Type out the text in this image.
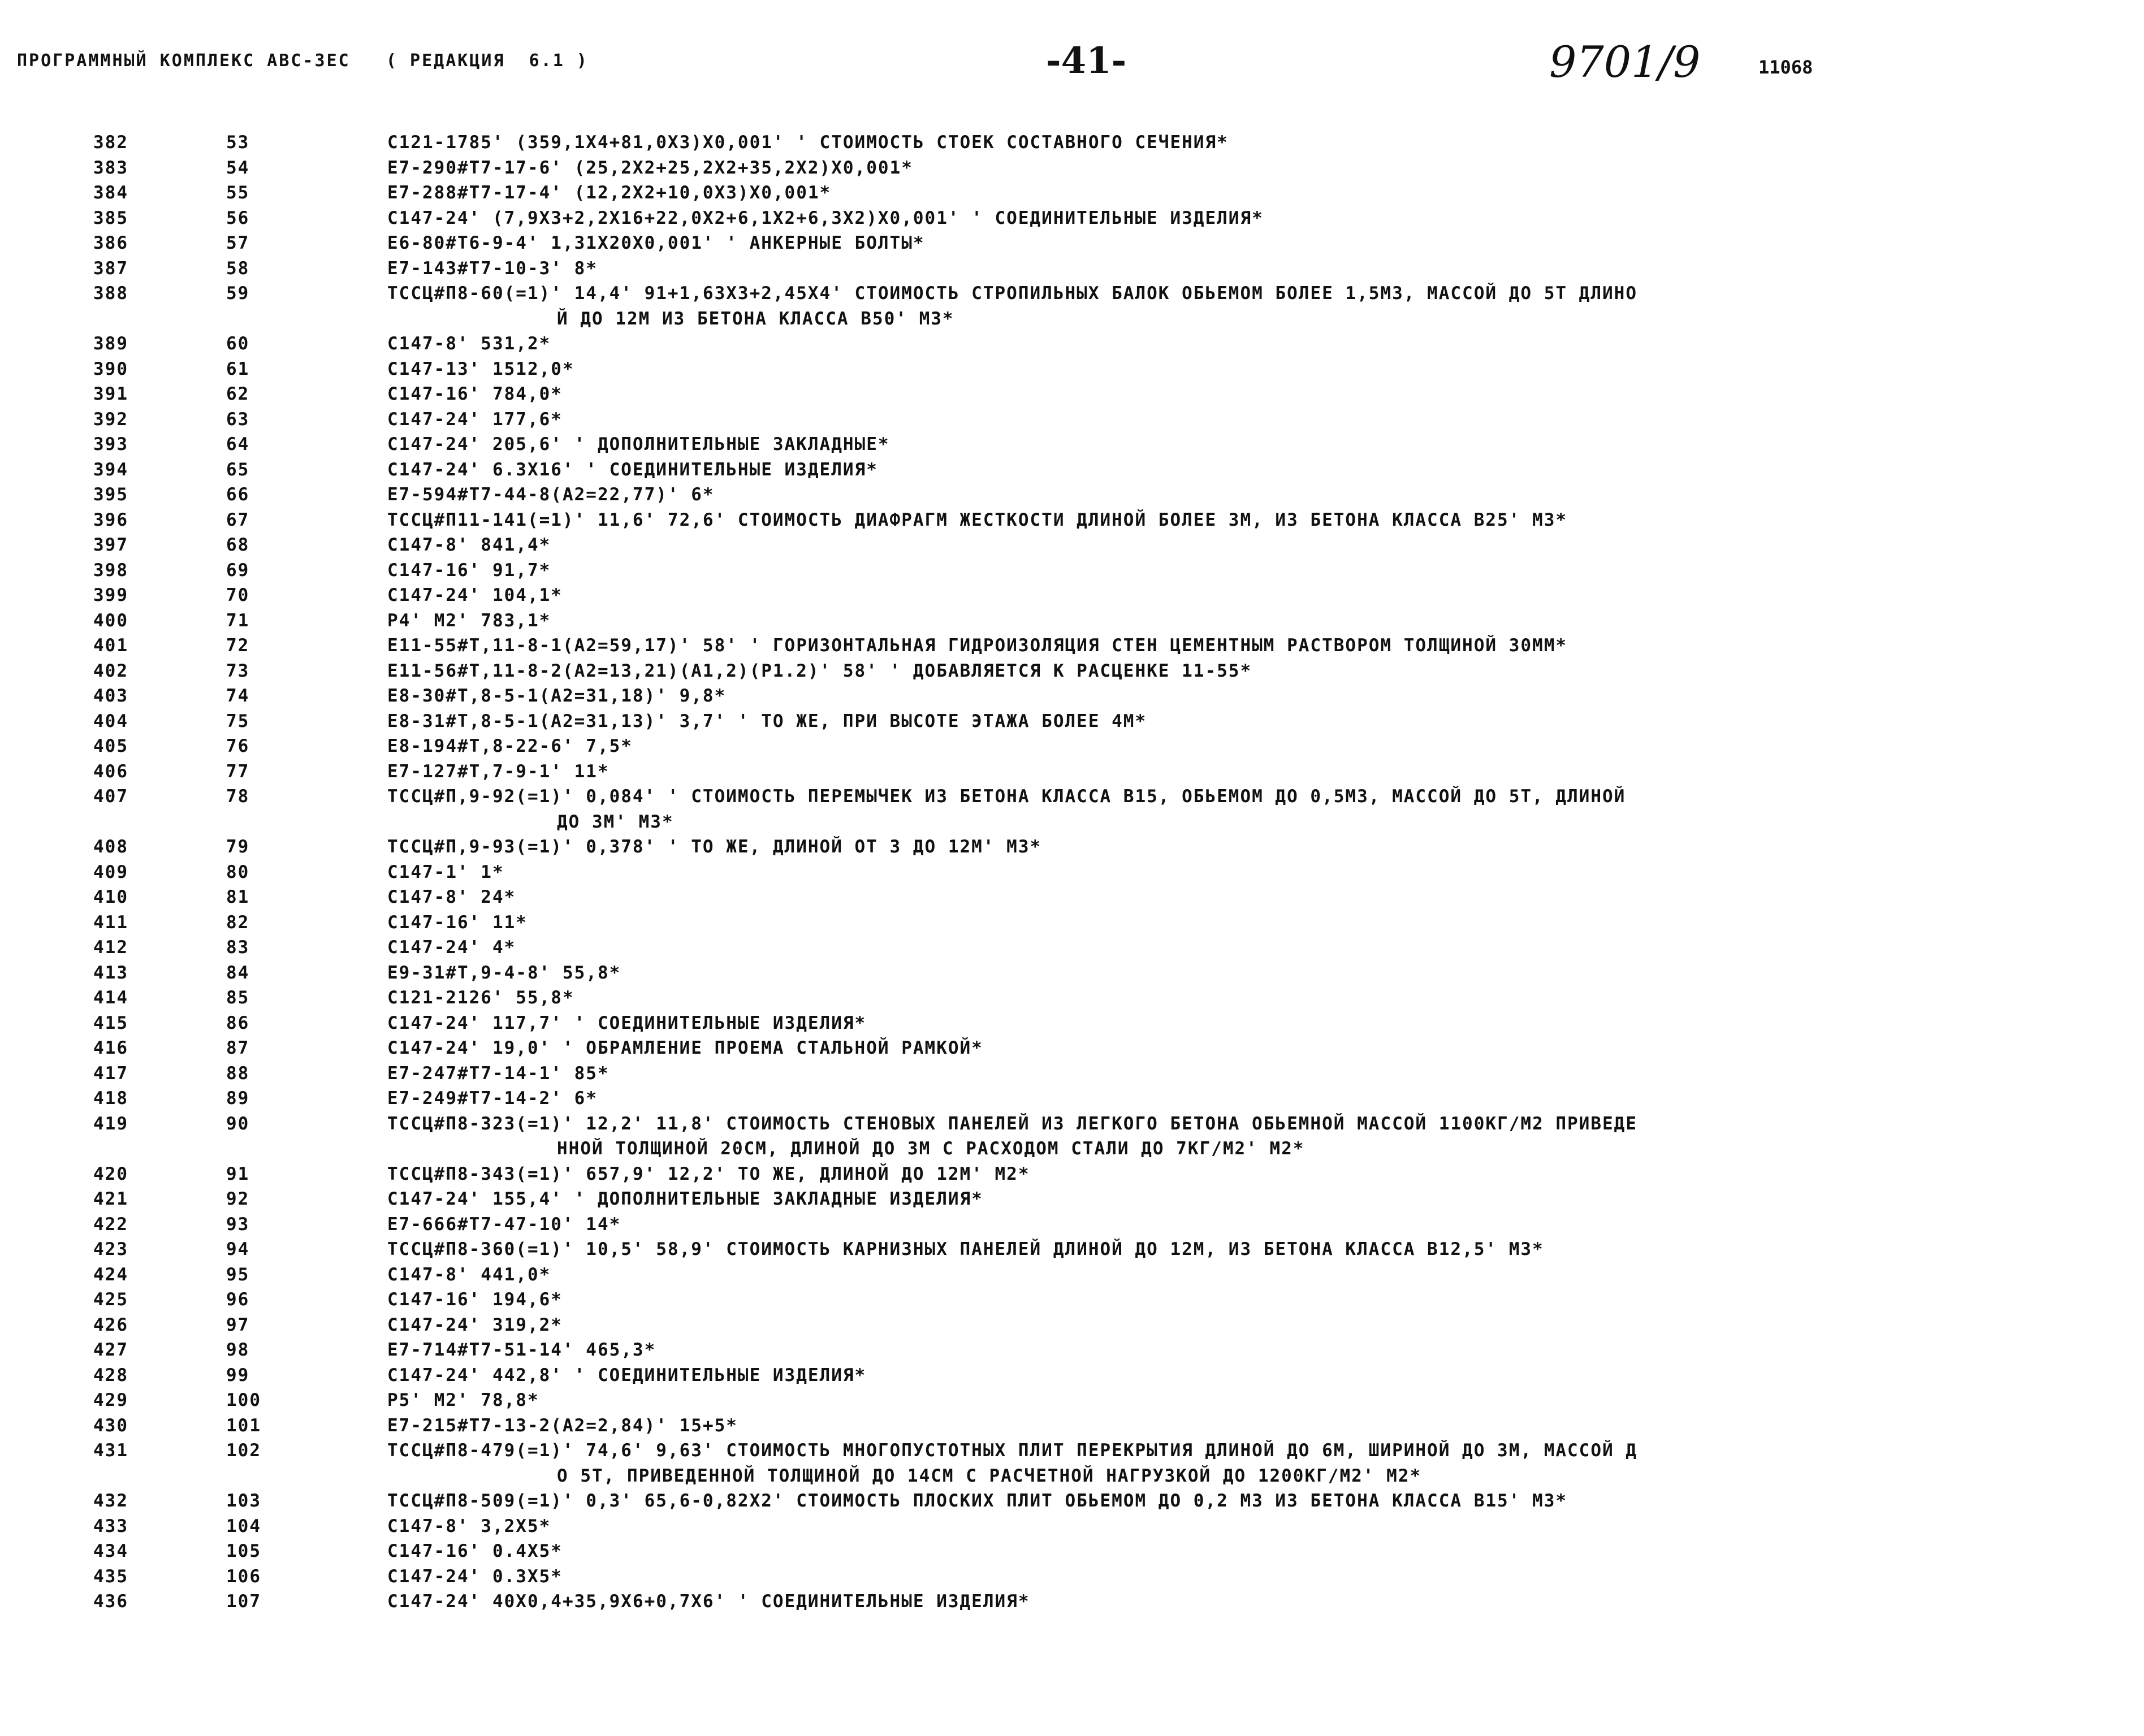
ПРОГРАММНЫЙ КОМПЛЕКС АВС-ЗЕС   ( РЕДАКЦИЯ  6.1 )	-41-	9701/9	11068
382	53	C121-1785' (359,1X4+81,0X3)X0,001' ' СТОИМОСТЬ СТОЕК СОСТАВНОГО СЕЧЕНИЯ*
383	54	E7-290#T7-17-6' (25,2X2+25,2X2+35,2X2)X0,001*
384	55	E7-288#T7-17-4' (12,2X2+10,0X3)X0,001*
385	56	C147-24' (7,9X3+2,2X16+22,0X2+6,1X2+6,3X2)X0,001' ' СОЕДИНИТЕЛЬНЫЕ ИЗДЕЛИЯ*
386	57	E6-80#T6-9-4' 1,31X20X0,001' ' АНКЕРНЫЕ БОЛТЫ*
387	58	E7-143#T7-10-3' 8*
388	59	TCCЦ#П8-60(=1)' 14,4' 91+1,63X3+2,45X4' СТОИМОСТЬ СТРОПИЛЬНЫХ БАЛОК ОБЬЕМОМ БОЛЕЕ 1,5М3, МАССОЙ ДО 5Т ДЛИНО
Й ДО 12М ИЗ БЕТОНА КЛАССА В50' М3*
389	60	C147-8' 531,2*
390	61	C147-13' 1512,0*
391	62	C147-16' 784,0*
392	63	C147-24' 177,6*
393	64	C147-24' 205,6' ' ДОПОЛНИТЕЛЬНЫЕ ЗАКЛАДНЫЕ*
394	65	C147-24' 6.3X16' ' СОЕДИНИТЕЛЬНЫЕ ИЗДЕЛИЯ*
395	66	E7-594#T7-44-8(A2=22,77)' 6*
396	67	TCCЦ#П11-141(=1)' 11,6' 72,6' СТОИМОСТЬ ДИАФРАГМ ЖЕСТКОСТИ ДЛИНОЙ БОЛЕЕ 3М, ИЗ БЕТОНА КЛАССА В25' М3*
397	68	C147-8' 841,4*
398	69	C147-16' 91,7*
399	70	C147-24' 104,1*
400	71	P4' M2' 783,1*
401	72	E11-55#T,11-8-1(A2=59,17)' 58' ' ГОРИЗОНТАЛЬНАЯ ГИДРОИЗОЛЯЦИЯ СТЕН ЦЕМЕНТНЫМ РАСТВОРОМ ТОЛЩИНОЙ 30ММ*
402	73	E11-56#T,11-8-2(A2=13,21)(A1,2)(P1.2)' 58' ' ДОБАВЛЯЕТСЯ К РАСЦЕНКЕ 11-55*
403	74	E8-30#T,8-5-1(A2=31,18)' 9,8*
404	75	E8-31#T,8-5-1(A2=31,13)' 3,7' ' ТО ЖЕ, ПРИ ВЫСОТЕ ЭТАЖА БОЛЕЕ 4М*
405	76	E8-194#T,8-22-6' 7,5*
406	77	E7-127#T,7-9-1' 11*
407	78	TCCЦ#П,9-92(=1)' 0,084' ' СТОИМОСТЬ ПЕРЕМЫЧЕК ИЗ БЕТОНА КЛАССА В15, ОБЬЕМОМ ДО 0,5М3, МАССОЙ ДО 5Т, ДЛИНОЙ
ДО 3М' М3*
408	79	TCCЦ#П,9-93(=1)' 0,378' ' ТО ЖЕ, ДЛИНОЙ ОТ 3 ДО 12М' М3*
409	80	C147-1' 1*
410	81	C147-8' 24*
411	82	C147-16' 11*
412	83	C147-24' 4*
413	84	E9-31#T,9-4-8' 55,8*
414	85	C121-2126' 55,8*
415	86	C147-24' 117,7' ' СОЕДИНИТЕЛЬНЫЕ ИЗДЕЛИЯ*
416	87	C147-24' 19,0' ' ОБРАМЛЕНИЕ ПРОЕМА СТАЛЬНОЙ РАМКОЙ*
417	88	E7-247#T7-14-1' 85*
418	89	E7-249#T7-14-2' 6*
419	90	TCCЦ#П8-323(=1)' 12,2' 11,8' СТОИМОСТЬ СТЕНОВЫХ ПАНЕЛЕЙ ИЗ ЛЕГКОГО БЕТОНА ОБЬЕМНОЙ МАССОЙ 1100КГ/М2 ПРИВЕДЕ
ННОЙ ТОЛЩИНОЙ 20СМ, ДЛИНОЙ ДО 3М С РАСХОДОМ СТАЛИ ДО 7КГ/М2' М2*
420	91	TCCЦ#П8-343(=1)' 657,9' 12,2' ТО ЖЕ, ДЛИНОЙ ДО 12М' М2*
421	92	C147-24' 155,4' ' ДОПОЛНИТЕЛЬНЫЕ ЗАКЛАДНЫЕ ИЗДЕЛИЯ*
422	93	E7-666#T7-47-10' 14*
423	94	TCCЦ#П8-360(=1)' 10,5' 58,9' СТОИМОСТЬ КАРНИЗНЫХ ПАНЕЛЕЙ ДЛИНОЙ ДО 12М, ИЗ БЕТОНА КЛАССА В12,5' М3*
424	95	C147-8' 441,0*
425	96	C147-16' 194,6*
426	97	C147-24' 319,2*
427	98	E7-714#T7-51-14' 465,3*
428	99	C147-24' 442,8' ' СОЕДИНИТЕЛЬНЫЕ ИЗДЕЛИЯ*
429	100	P5' M2' 78,8*
430	101	E7-215#T7-13-2(A2=2,84)' 15+5*
431	102	TCCЦ#П8-479(=1)' 74,6' 9,63' СТОИМОСТЬ МНОГОПУСТОТНЫХ ПЛИТ ПЕРЕКРЫТИЯ ДЛИНОЙ ДО 6М, ШИРИНОЙ ДО 3М, МАССОЙ Д
О 5Т, ПРИВЕДЕННОЙ ТОЛЩИНОЙ ДО 14СМ С РАСЧЕТНОЙ НАГРУЗКОЙ ДО 1200КГ/М2' М2*
432	103	TCCЦ#П8-509(=1)' 0,3' 65,6-0,82X2' СТОИМОСТЬ ПЛОСКИХ ПЛИТ ОБЬЕМОМ ДО 0,2 М3 ИЗ БЕТОНА КЛАССА В15' М3*
433	104	C147-8' 3,2X5*
434	105	C147-16' 0.4X5*
435	106	C147-24' 0.3X5*
436	107	C147-24' 40X0,4+35,9X6+0,7X6' ' СОЕДИНИТЕЛЬНЫЕ ИЗДЕЛИЯ*
